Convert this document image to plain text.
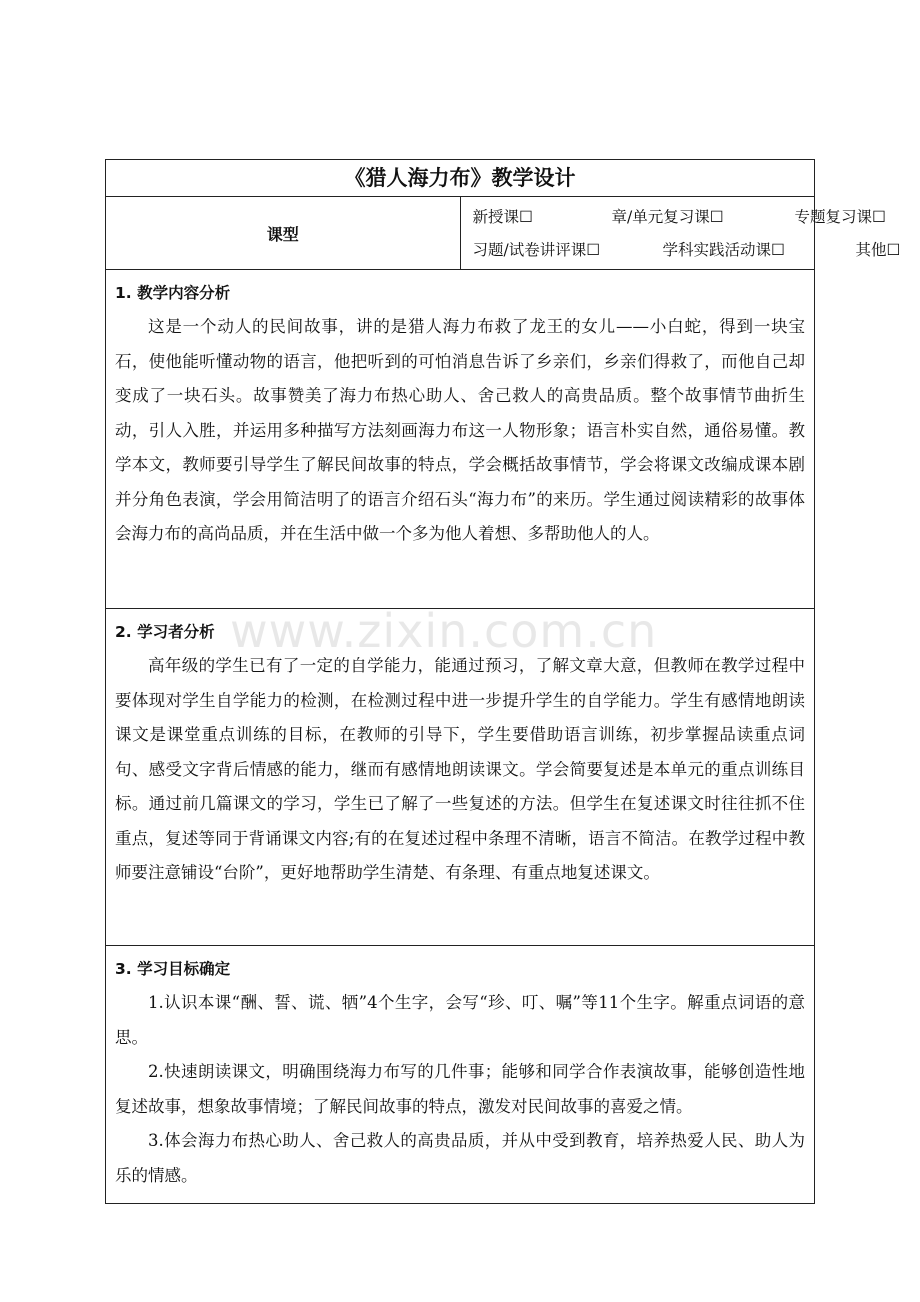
《猎人海力布》教学设计
课型	
新授课☐	章/单元复习课☐	专题复习课☐
习题/试卷讲评课☐	学科实践活动课☐	其他☐

1. 教学内容分析

这是一个动人的民间故事，讲的是猎人海力布救了龙王的女儿——小白蛇，得到一块宝石，使他能听懂动物的语言，他把听到的可怕消息告诉了乡亲们，乡亲们得救了，而他自己却变成了一块石头。故事赞美了海力布热心助人、舍己救人的高贵品质。整个故事情节曲折生动，引人入胜，并运用多种描写方法刻画海力布这一人物形象；语言朴实自然，通俗易懂。教学本文，教师要引导学生了解民间故事的特点，学会概括故事情节，学会将课文改编成课本剧并分角色表演，学会用简洁明了的语言介绍石头“海力布”的来历。学生通过阅读精彩的故事体会海力布的高尚品质，并在生活中做一个多为他人着想、多帮助他人的人。

2. 学习者分析

高年级的学生已有了一定的自学能力，能通过预习，了解文章大意，但教师在教学过程中要体现对学生自学能力的检测，在检测过程中进一步提升学生的自学能力。学生有感情地朗读课文是课堂重点训练的目标，在教师的引导下，学生要借助语言训练，初步掌握品读重点词句、感受文字背后情感的能力，继而有感情地朗读课文。学会简要复述是本单元的重点训练目标。通过前几篇课文的学习，学生已了解了一些复述的方法。但学生在复述课文时往往抓不住重点，复述等同于背诵课文内容;有的在复述过程中条理不清晰，语言不简洁。在教学过程中教师要注意铺设“台阶”，更好地帮助学生清楚、有条理、有重点地复述课文。

3. 学习目标确定

1.认识本课“酬、誓、谎、牺”4个生字，会写“珍、叮、嘱”等11个生字。解重点词语的意思。

2.快速朗读课文，明确围绕海力布写的几件事；能够和同学合作表演故事，能够创造性地复述故事，想象故事情境；了解民间故事的特点，激发对民间故事的喜爱之情。

3.体会海力布热心助人、舍己救人的高贵品质，并从中受到教育，培养热爱人民、助人为乐的情感。

www.zixin.com.cn
